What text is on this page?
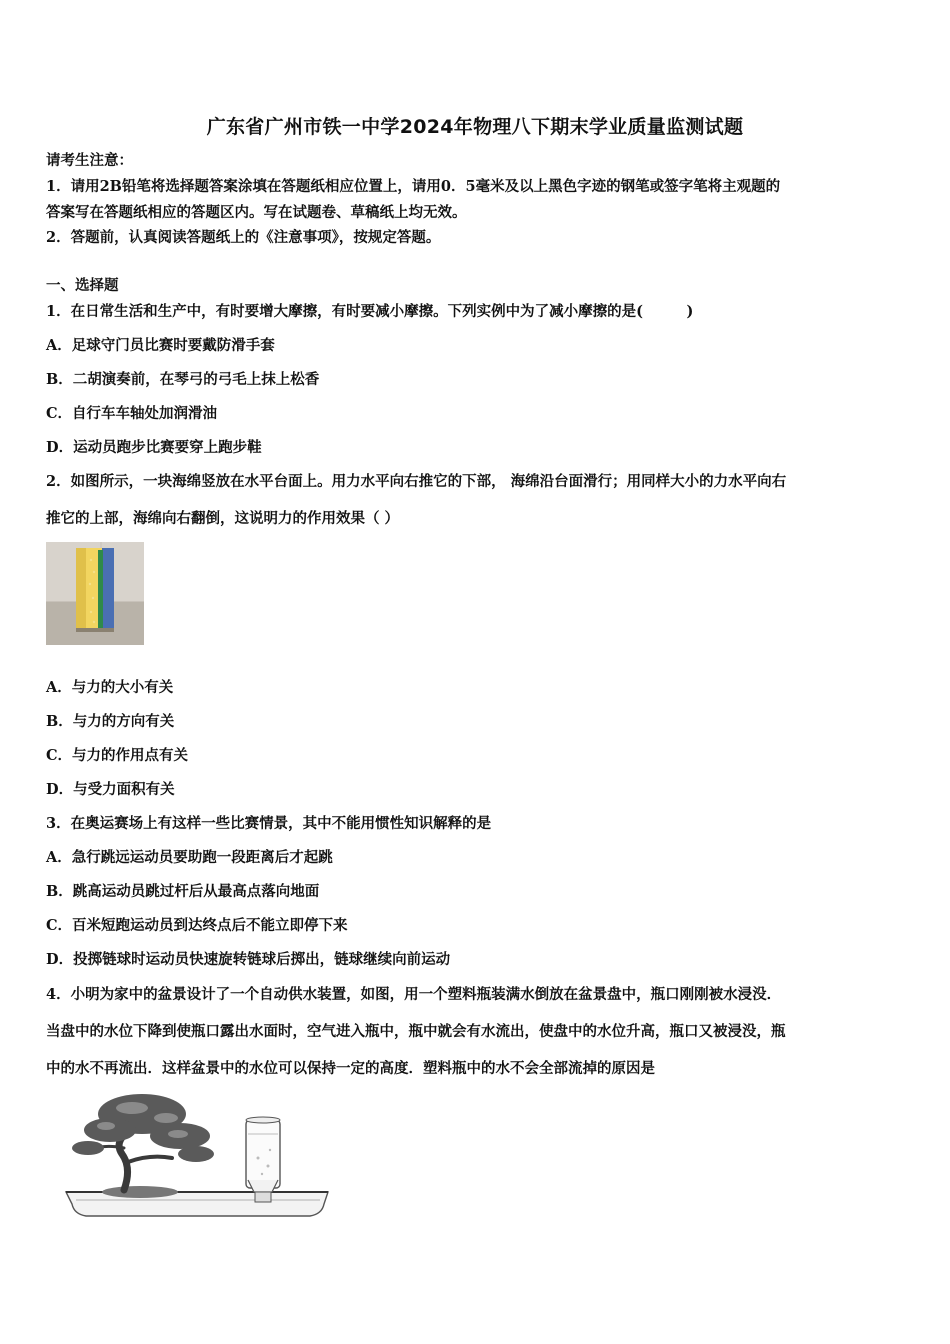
广东省广州市铁一中学2024年物理八下期末学业质量监测试题
请考生注意：
1．请用2B铅笔将选择题答案涂填在答题纸相应位置上，请用0．5毫米及以上黑色字迹的钢笔或签字笔将主观题的
答案写在答题纸相应的答题区内。写在试题卷、草稿纸上均无效。
2．答题前，认真阅读答题纸上的《注意事项》，按规定答题。
一、选择题
1．在日常生活和生产中，有时要增大摩擦，有时要减小摩擦。下列实例中为了减小摩擦的是(　　　)
A．足球守门员比赛时要戴防滑手套
B．二胡演奏前，在琴弓的弓毛上抹上松香
C．自行车车轴处加润滑油
D．运动员跑步比赛要穿上跑步鞋
2．如图所示，一块海绵竖放在水平台面上。用力水平向右推它的下部， 海绵沿台面滑行；用同样大小的力水平向右
推它的上部，海绵向右翻倒，这说明力的作用效果（ ）
A．与力的大小有关
B．与力的方向有关
C．与力的作用点有关
D．与受力面积有关
3．在奥运赛场上有这样一些比赛情景，其中不能用惯性知识解释的是
A．急行跳远运动员要助跑一段距离后才起跳
B．跳高运动员跳过杆后从最高点落向地面
C．百米短跑运动员到达终点后不能立即停下来
D．投掷链球时运动员快速旋转链球后掷出，链球继续向前运动
4．小明为家中的盆景设计了一个自动供水装置，如图，用一个塑料瓶装满水倒放在盆景盘中，瓶口刚刚被水浸没．
当盘中的水位下降到使瓶口露出水面时，空气进入瓶中，瓶中就会有水流出，使盘中的水位升高，瓶口又被浸没，瓶
中的水不再流出．这样盆景中的水位可以保持一定的高度．塑料瓶中的水不会全部流掉的原因是
